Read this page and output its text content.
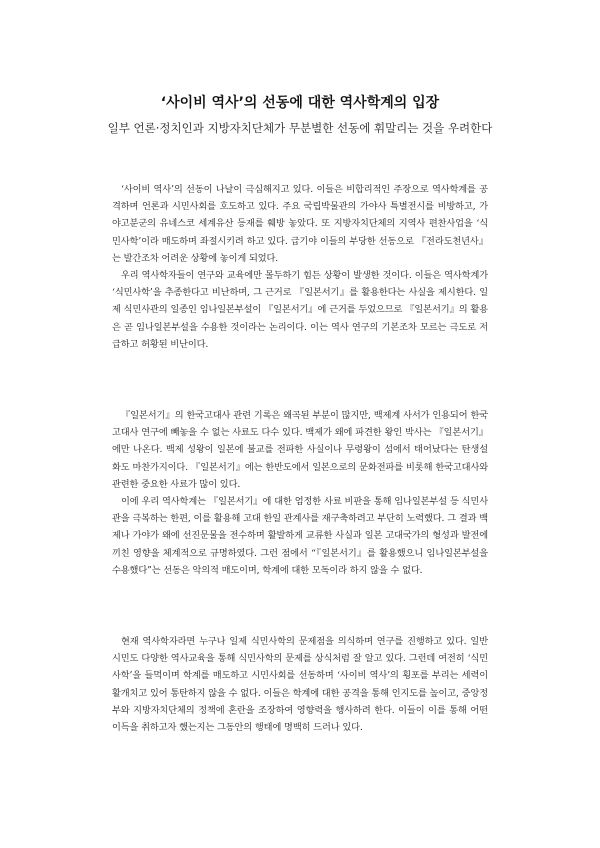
‘사이비 역사’의 선동에 대한 역사학계의 입장

일부 언론·정치인과 지방자치단체가 무분별한 선동에 휘말리는 것을 우려한다

‘사이비 역사’의 선동이 나날이 극심해지고 있다. 이들은 비합리적인 주장으로 역사학계를 공격하며 언론과 시민사회를 호도하고 있다. 주요 국립박물관의 가야사 특별전시를 비방하고, 가야고분군의 유네스코 세계유산 등재를 훼방 놓았다. 또 지방자치단체의 지역사 편찬사업을 ‘식민사학’이라 매도하며 좌절시키려 하고 있다. 급기야 이들의 부당한 선동으로 『전라도천년사』는 발간조차 어려운 상황에 놓이게 되었다.

우리 역사학자들이 연구와 교육에만 몰두하기 힘든 상황이 발생한 것이다. 이들은 역사학계가 ‘식민사학’을 추종한다고 비난하며, 그 근거로 『일본서기』를 활용한다는 사실을 제시한다. 일제 식민사관의 일종인 임나일본부설이 『일본서기』에 근거를 두었으므로 『일본서기』의 활용은 곧 임나일본부설을 수용한 것이라는 논리이다. 이는 역사 연구의 기본조차 모르는 극도로 저급하고 허황된 비난이다.

『일본서기』의 한국고대사 관련 기록은 왜곡된 부분이 많지만, 백제계 사서가 인용되어 한국고대사 연구에 빼놓을 수 없는 사료도 다수 있다. 백제가 왜에 파견한 왕인 박사는 『일본서기』에만 나온다. 백제 성왕이 일본에 불교를 전파한 사실이나 무령왕이 섬에서 태어났다는 탄생설화도 마찬가지이다. 『일본서기』에는 한반도에서 일본으로의 문화전파를 비롯해 한국고대사와 관련한 중요한 사료가 많이 있다.

이에 우리 역사학계는 『일본서기』에 대한 엄정한 사료 비판을 통해 임나일본부설 등 식민사관을 극복하는 한편, 이를 활용해 고대 한일 관계사를 재구축하려고 부단히 노력했다. 그 결과 백제나 가야가 왜에 선진문물을 전수하며 활발하게 교류한 사실과 일본 고대국가의 형성과 발전에 끼친 영향을 체계적으로 규명하였다. 그런 점에서 “『일본서기』를 활용했으니 임나일본부설을 수용했다”는 선동은 악의적 매도이며, 학계에 대한 모독이라 하지 않을 수 없다.

현재 역사학자라면 누구나 일제 식민사학의 문제점을 의식하며 연구를 진행하고 있다. 일반 시민도 다양한 역사교육을 통해 식민사학의 문제를 상식처럼 잘 알고 있다. 그런데 여전히 ‘식민사학’을 들먹이며 학계를 매도하고 시민사회를 선동하며 ‘사이비 역사’의 횡포를 부리는 세력이 활개치고 있어 통탄하지 않을 수 없다. 이들은 학계에 대한 공격을 통해 인지도를 높이고, 중앙정부와 지방자치단체의 정책에 혼란을 조장하여 영향력을 행사하려 한다. 이들이 이를 통해 어떤 이득을 취하고자 했는지는 그동안의 행태에 명백히 드러나 있다.
